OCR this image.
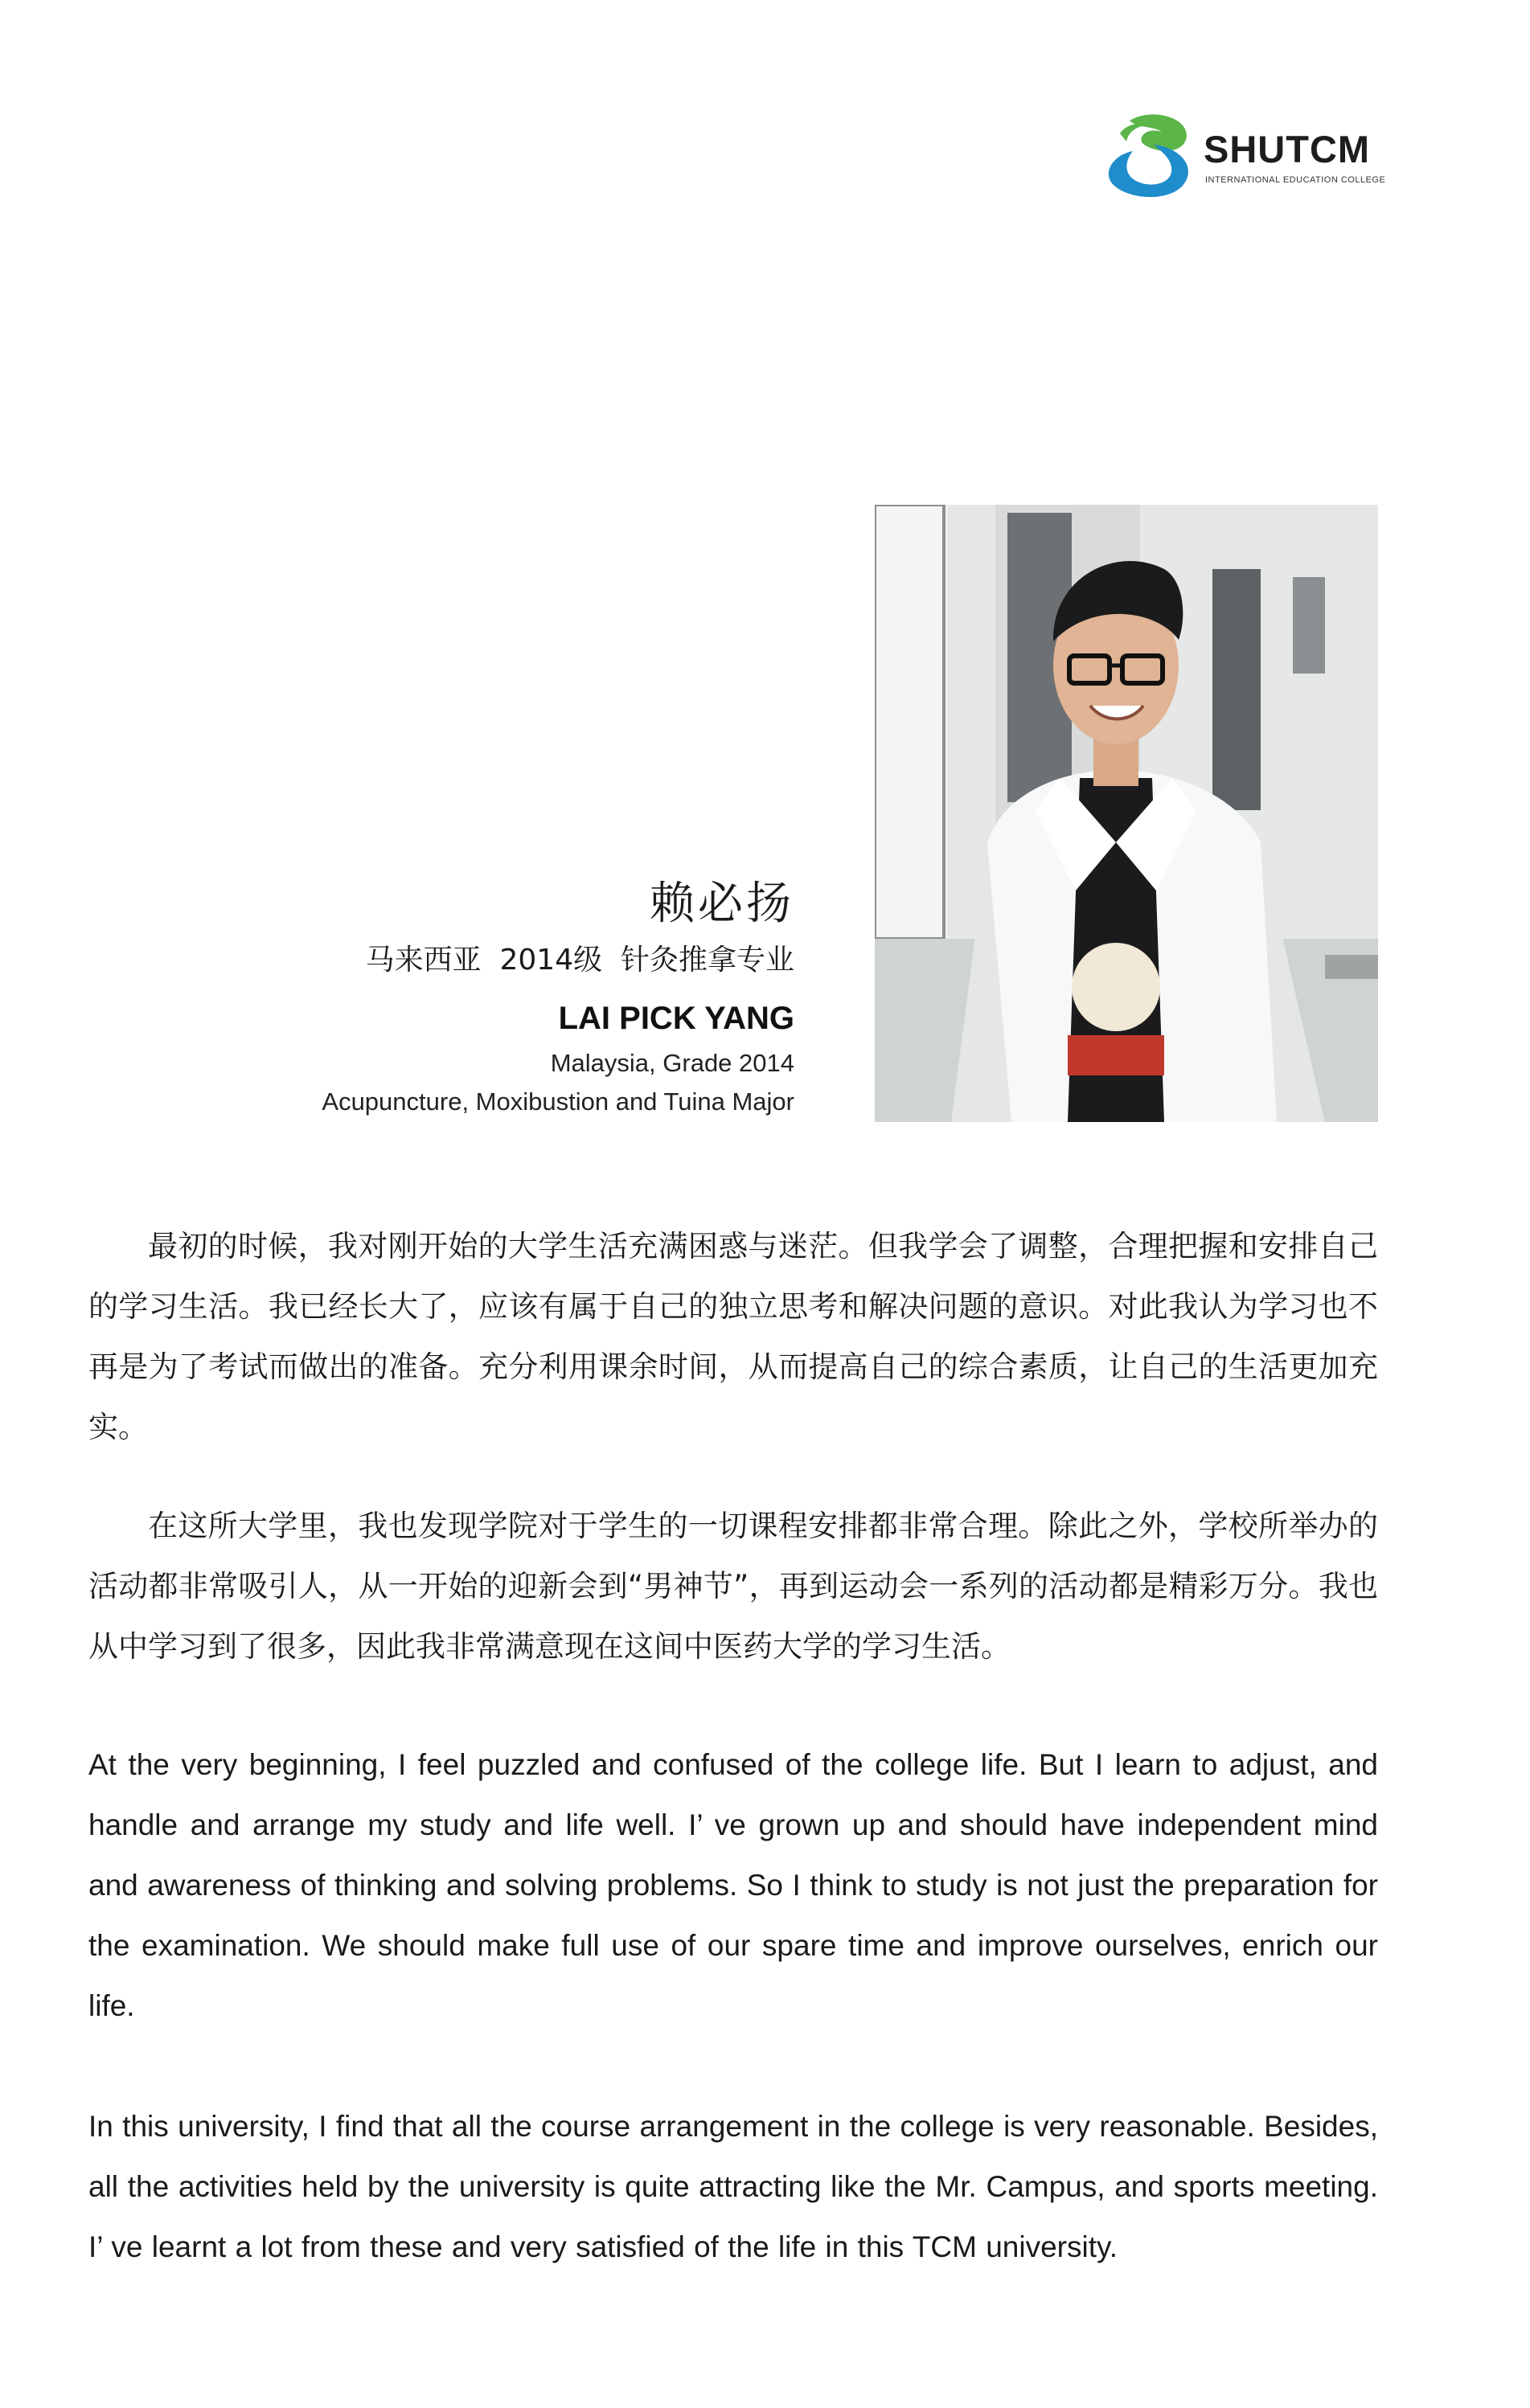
SHUTCM
INTERNATIONAL EDUCATION COLLEGE
赖必扬
马来西亚  2014级  针灸推拿专业
LAI PICK YANG
Malaysia, Grade 2014
Acupuncture, Moxibustion and Tuina Major

最初的时候，我对刚开始的大学生活充满困惑与迷茫。但我学会了调整，合理把握和安排自己的学习生活。我已经长大了，应该有属于自己的独立思考和解决问题的意识。对此我认为学习也不再是为了考试而做出的准备。充分利用课余时间，从而提高自己的综合素质，让自己的生活更加充实。

在这所大学里，我也发现学院对于学生的一切课程安排都非常合理。除此之外，学校所举办的活动都非常吸引人，从一开始的迎新会到“男神节”，再到运动会一系列的活动都是精彩万分。我也从中学习到了很多，因此我非常满意现在这间中医药大学的学习生活。

At the very beginning, I feel puzzled and confused of the college life. But I learn to adjust, and handle and arrange my study and life well. I’ ve grown up and should have independent mind and awareness of thinking and solving problems. So I think to study is not just the preparation for the examination. We should make full use of our spare time and improve ourselves, enrich our life.

In this university, I find that all the course arrangement in the college is very reasonable. Besides, all the activities held by the university is quite attracting like the Mr. Campus, and sports meeting. I’ ve learnt a lot from these and very satisfied of the life in this TCM university.
